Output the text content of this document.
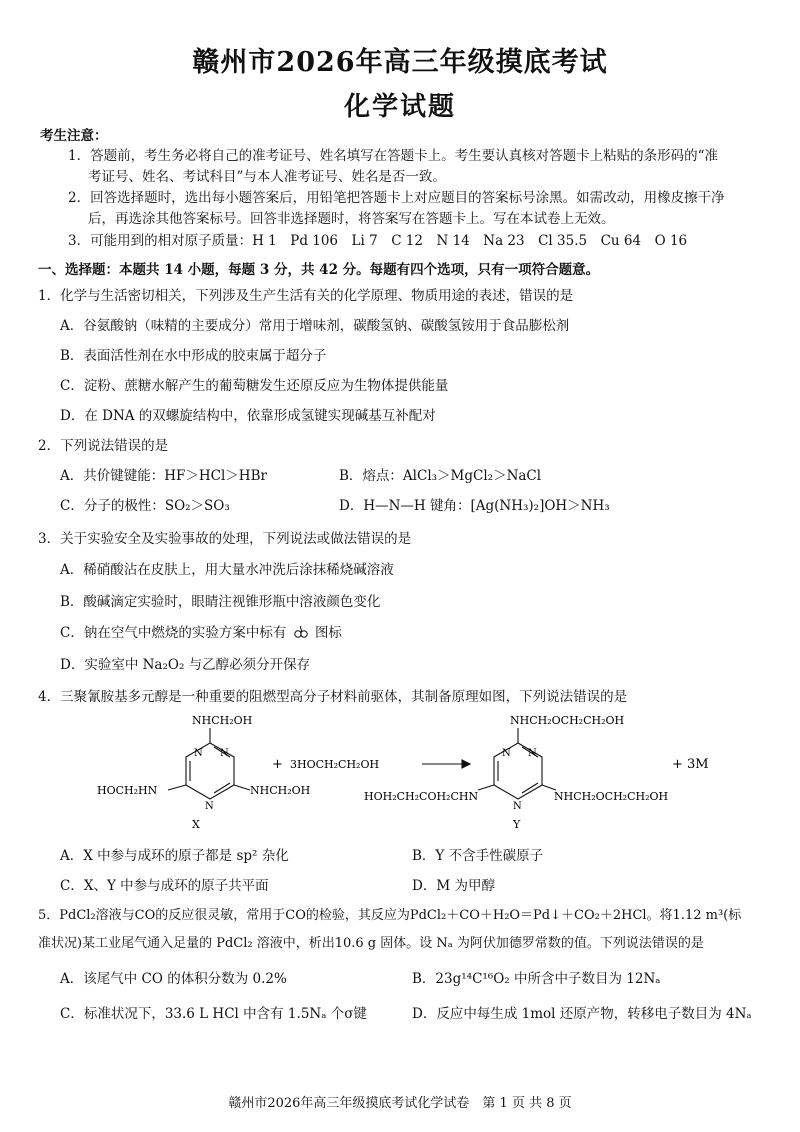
赣州市2026年高三年级摸底考试
化学试题
考生注意：
1．答题前，考生务必将自己的准考证号、姓名填写在答题卡上。考生要认真核对答题卡上粘贴的条形码的“准
考证号、姓名、考试科目”与本人准考证号、姓名是否一致。
2．回答选择题时，选出每小题答案后，用铅笔把答题卡上对应题目的答案标号涂黑。如需改动，用橡皮擦干净
后，再选涂其他答案标号。回答非选择题时，将答案写在答题卡上。写在本试卷上无效。
3．可能用到的相对原子质量：H 1　Pd 106　Li 7　C 12　N 14　Na 23　Cl 35.5　Cu 64　O 16
一、选择题：本题共 14 小题，每题 3 分，共 42 分。每题有四个选项，只有一项符合题意。
1．化学与生活密切相关，下列涉及生产生活有关的化学原理、物质用途的表述，错误的是
A．谷氨酸钠（味精的主要成分）常用于增味剂，碳酸氢钠、碳酸氢铵用于食品膨松剂
B．表面活性剂在水中形成的胶束属于超分子
C．淀粉、蔗糖水解产生的葡萄糖发生还原反应为生物体提供能量
D．在 DNA 的双螺旋结构中，依靠形成氢键实现碱基互补配对
2．下列说法错误的是
A．共价键键能：HF＞HCl＞HBr	B．熔点：AlCl₃＞MgCl₂＞NaCl
C．分子的极性：SO₂＞SO₃	D．H—N—H 键角：[Ag(NH₃)₂]OH＞NH₃
3．关于实验安全及实验事故的处理，下列说法或做法错误的是
A．稀硝酸沾在皮肤上，用大量水冲洗后涂抹稀烧碱溶液
B．酸碱滴定实验时，眼睛注视锥形瓶中溶液颜色变化
C．钠在空气中燃烧的实验方案中标有 图标
D．实验室中 Na₂O₂ 与乙醇必须分开保存
4．三聚氰胺基多元醇是一种重要的阻燃型高分子材料前驱体，其制备原理如图，下列说法错误的是
N N
N
NHCH₂OH
HOCH₂HN	NHCH₂OH
X
+ 3HOCH₂CH₂OH
N N
N
NHCH₂OCH₂CH₂OH
HOH₂CH₂COH₂CHN	NHCH₂OCH₂CH₂OH
Y
+ 3M
A．X 中参与成环的原子都是 sp² 杂化	B．Y 不含手性碳原子
C．X、Y 中参与成环的原子共平面	D．M 为甲醇
5．PdCl₂溶液与CO的反应很灵敏，常用于CO的检验，其反应为PdCl₂＋CO＋H₂O＝Pd↓＋CO₂＋2HCl。将1.12 m³(标
准状况)某工业尾气通入足量的 PdCl₂ 溶液中，析出10.6 g 固体。设 Nₐ 为阿伏加德罗常数的值。下列说法错误的是
A．该尾气中 CO 的体积分数为 0.2%	B．23g¹⁴C¹⁶O₂ 中所含中子数目为 12Nₐ
C．标准状况下，33.6 L HCl 中含有 1.5Nₐ 个σ键	D．反应中每生成 1mol 还原产物，转移电子数目为 4Nₐ
赣州市2026年高三年级摸底考试化学试卷　第 1 页 共 8 页
